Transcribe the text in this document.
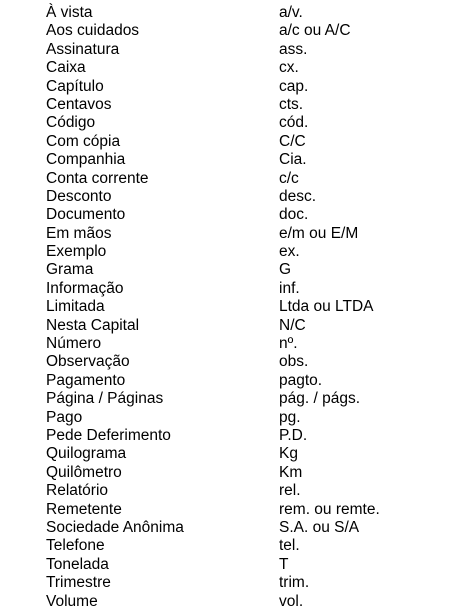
À vista	a/v.
Aos cuidados	a/c ou A/C
Assinatura	ass.
Caixa	cx.
Capítulo	cap.
Centavos	cts.
Código	cód.
Com cópia	C/C
Companhia	Cia.
Conta corrente	c/c
Desconto	desc.
Documento	doc.
Em mãos	e/m ou E/M
Exemplo	ex.
Grama	G
Informação	inf.
Limitada	Ltda ou LTDA
Nesta Capital	N/C
Número	nº.
Observação	obs.
Pagamento	pagto.
Página / Páginas	pág. / págs.
Pago	pg.
Pede Deferimento	P.D.
Quilograma	Kg
Quilômetro	Km
Relatório	rel.
Remetente	rem. ou remte.
Sociedade Anônima	S.A. ou S/A
Telefone	tel.
Tonelada	T
Trimestre	trim.
Volume	vol.
